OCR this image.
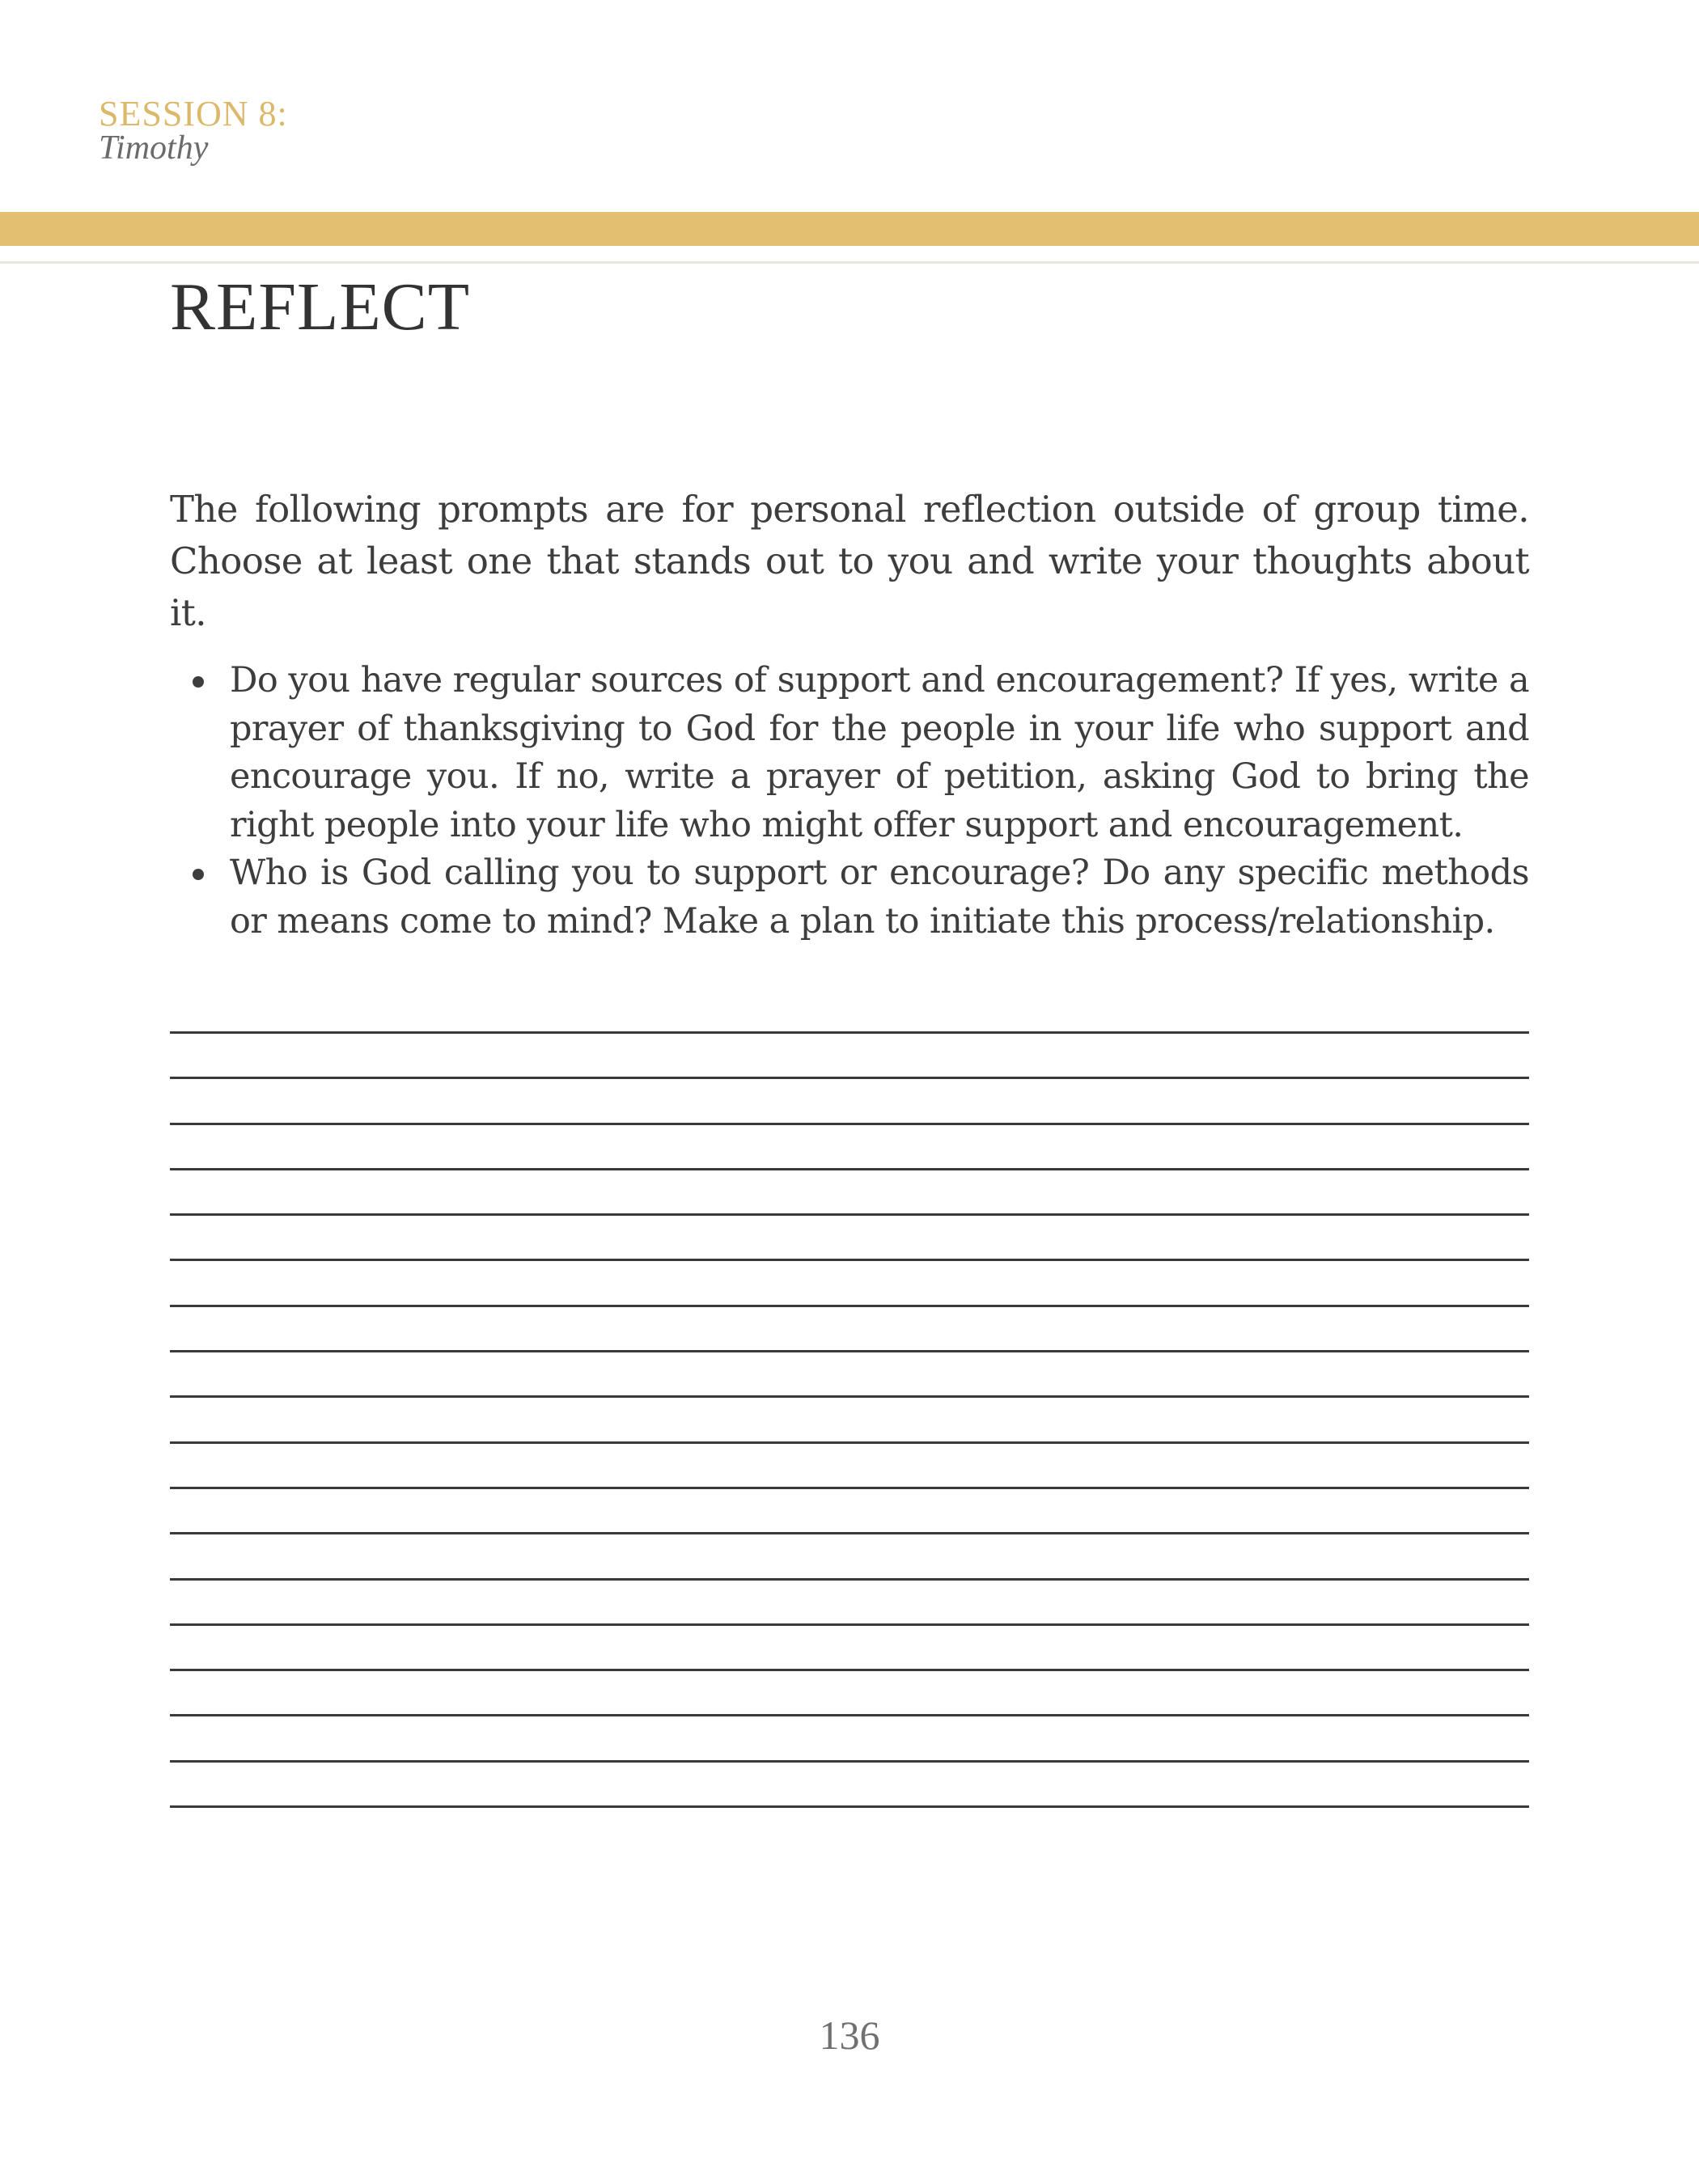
SESSION 8:
Timothy
REFLECT

The following prompts are for personal reflection outside of group time. Choose at least one that stands out to you and write your thoughts about it.

Do you have regular sources of support and encouragement? If yes, write a prayer of thanksgiving to God for the people in your life who support and encourage you. If no, write a prayer of petition, asking God to bring the right people into your life who might offer support and encouragement.
Who is God calling you to support or encourage? Do any specific methods or means come to mind? Make a plan to initiate this process/relationship.
136
